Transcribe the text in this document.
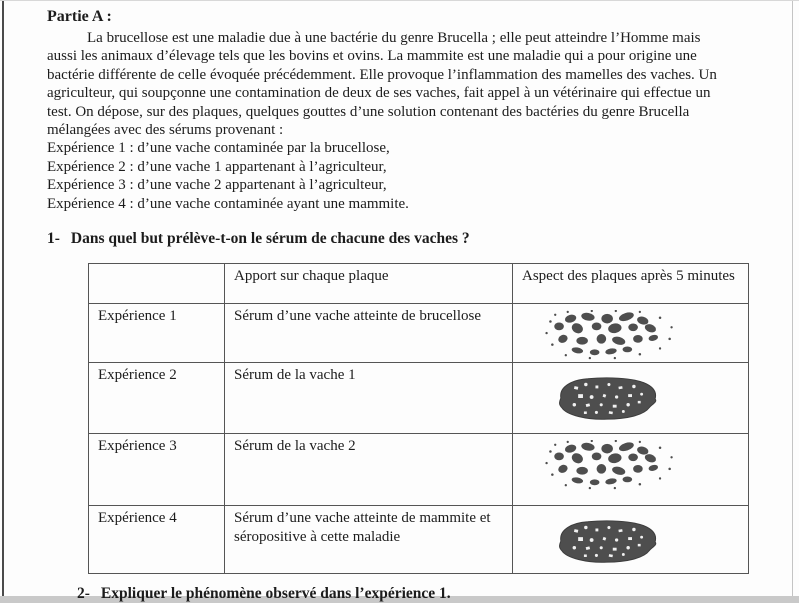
Partie A :
La brucellose est une maladie due à une bactérie du genre Brucella ; elle peut atteindre l’Homme mais
aussi les animaux d’élevage tels que les bovins et ovins. La mammite est une maladie qui a pour origine une
bactérie différente de celle évoquée précédemment. Elle provoque l’inflammation des mamelles des vaches. Un
agriculteur, qui soupçonne une contamination de deux de ses vaches, fait appel à un vétérinaire qui effectue un
test. On dépose, sur des plaques, quelques gouttes d’une solution contenant des bactéries du genre Brucella
mélangées avec des sérums provenant :
Expérience 1 : d’une vache contaminée par la brucellose,
Expérience 2 : d’une vache 1 appartenant à l’agriculteur,
Expérience 3 : d’une vache 2 appartenant à l’agriculteur,
Expérience 4 : d’une vache contaminée ayant une mammite.
1- Dans quel but prélève-t-on le sérum de chacune des vaches ?
	Apport sur chaque plaque	Aspect des plaques après 5 minutes
Expérience 1	Sérum d’une vache atteinte de brucellose	

Expérience 2	Sérum de la vache 1	

Expérience 3	Sérum de la vache 2	

Expérience 4	Sérum d’une vache atteinte de mammite et séropositive à cette maladie	
2- Expliquer le phénomène observé dans l’expérience 1.
